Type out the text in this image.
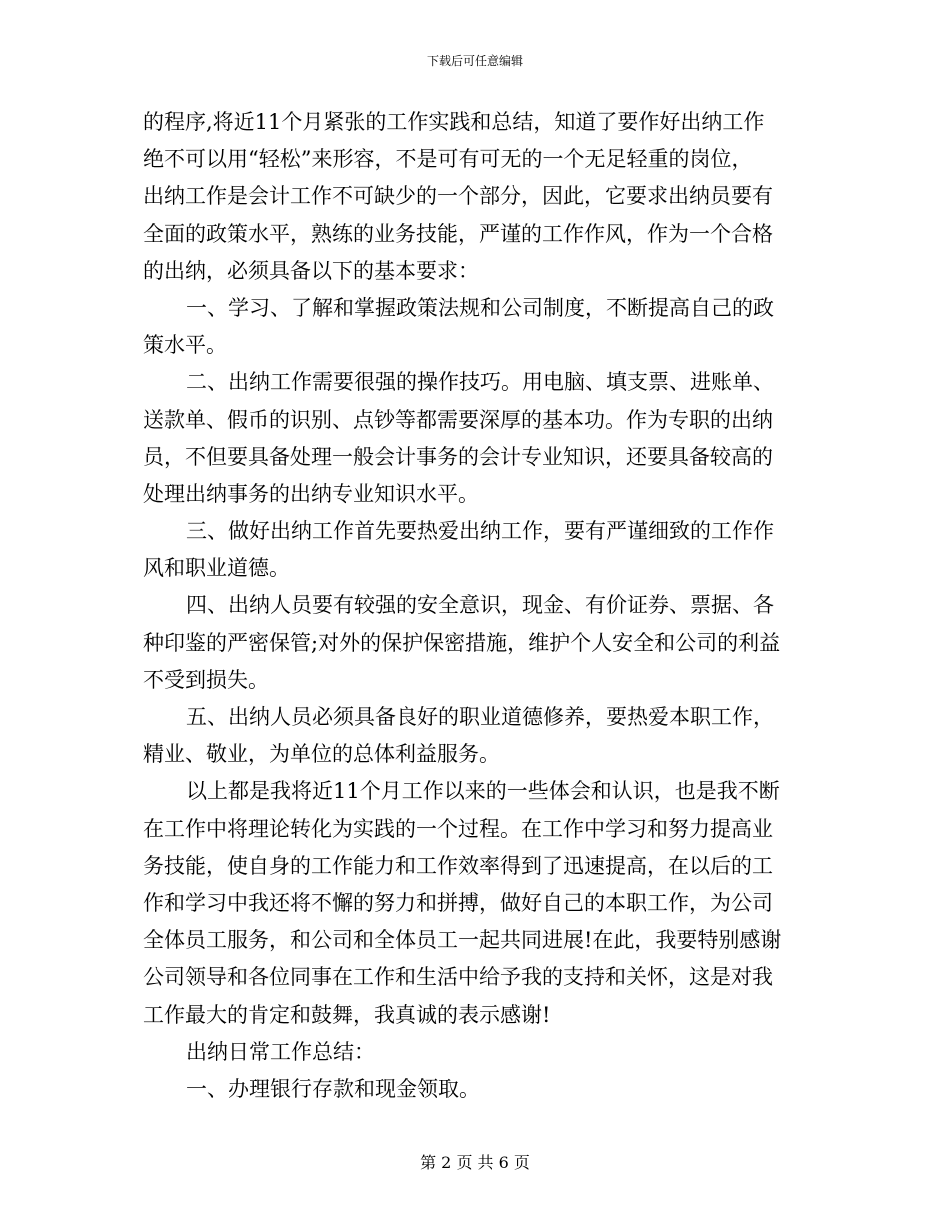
下载后可任意编辑
的程序,将近11个月紧张的工作实践和总结，知道了要作好出纳工作
绝不可以用“轻松”来形容，不是可有可无的一个无足轻重的岗位，
出纳工作是会计工作不可缺少的一个部分，因此，它要求出纳员要有
全面的政策水平，熟练的业务技能，严谨的工作作风，作为一个合格
的出纳，必须具备以下的基本要求：
一、学习、了解和掌握政策法规和公司制度，不断提高自己的政
策水平。
二、出纳工作需要很强的操作技巧。用电脑、填支票、进账单、
送款单、假币的识别、点钞等都需要深厚的基本功。作为专职的出纳
员，不但要具备处理一般会计事务的会计专业知识，还要具备较高的
处理出纳事务的出纳专业知识水平。
三、做好出纳工作首先要热爱出纳工作，要有严谨细致的工作作
风和职业道德。
四、出纳人员要有较强的安全意识，现金、有价证券、票据、各
种印鉴的严密保管;对外的保护保密措施，维护个人安全和公司的利益
不受到损失。
五、出纳人员必须具备良好的职业道德修养，要热爱本职工作，
精业、敬业，为单位的总体利益服务。
以上都是我将近11个月工作以来的一些体会和认识，也是我不断
在工作中将理论转化为实践的一个过程。在工作中学习和努力提高业
务技能，使自身的工作能力和工作效率得到了迅速提高，在以后的工
作和学习中我还将不懈的努力和拼搏，做好自己的本职工作，为公司
全体员工服务，和公司和全体员工一起共同进展!在此，我要特别感谢
公司领导和各位同事在工作和生活中给予我的支持和关怀，这是对我
工作最大的肯定和鼓舞，我真诚的表示感谢!
出纳日常工作总结：
一、办理银行存款和现金领取。
第 2 页 共 6 页
